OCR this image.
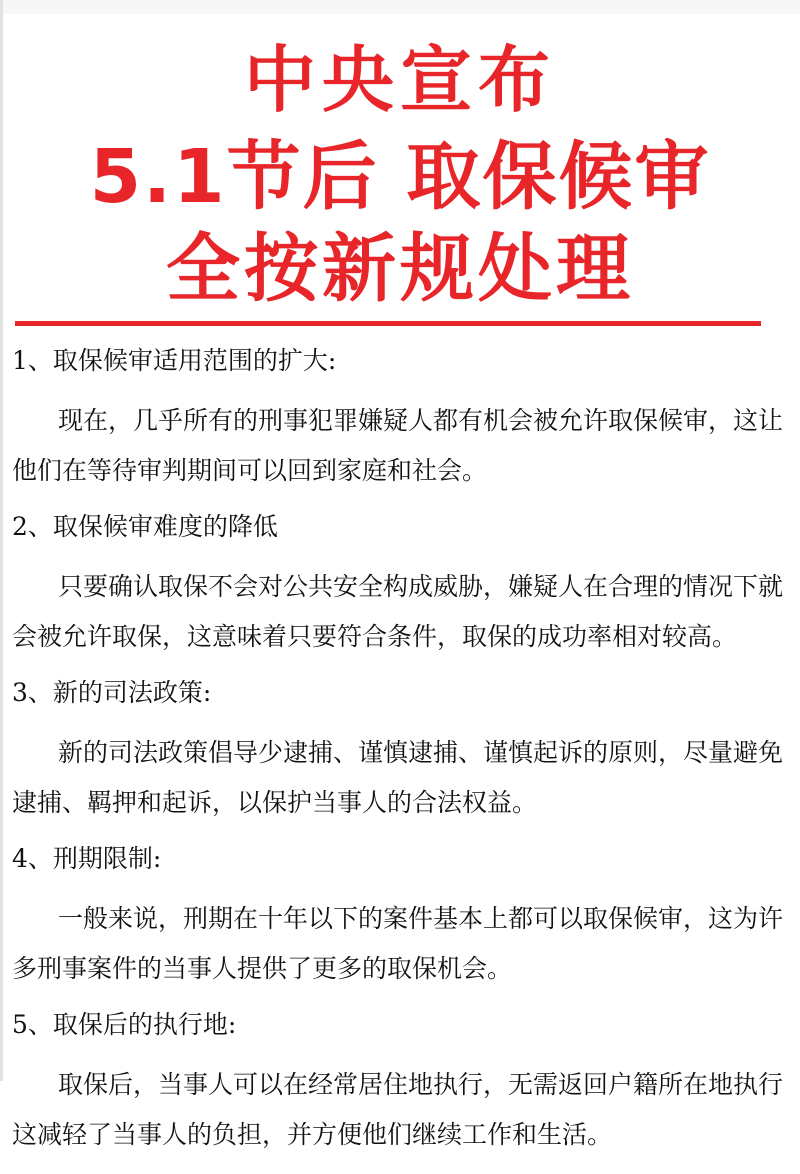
中央宣布
5.1节后 取保候审
全按新规处理
1、取保候审适用范围的扩大:
现在，几乎所有的刑事犯罪嫌疑人都有机会被允许取保候审，这让他们在等待审判期间可以回到家庭和社会。
2、取保候审难度的降低
只要确认取保不会对公共安全构成威胁，嫌疑人在合理的情况下就会被允许取保，这意味着只要符合条件，取保的成功率相对较高。
3、新的司法政策:
新的司法政策倡导少逮捕、谨慎逮捕、谨慎起诉的原则，尽量避免逮捕、羁押和起诉，以保护当事人的合法权益。
4、刑期限制:
一般来说，刑期在十年以下的案件基本上都可以取保候审，这为许多刑事案件的当事人提供了更多的取保机会。
5、取保后的执行地:
取保后，当事人可以在经常居住地执行，无需返回户籍所在地执行这减轻了当事人的负担，并方便他们继续工作和生活。
